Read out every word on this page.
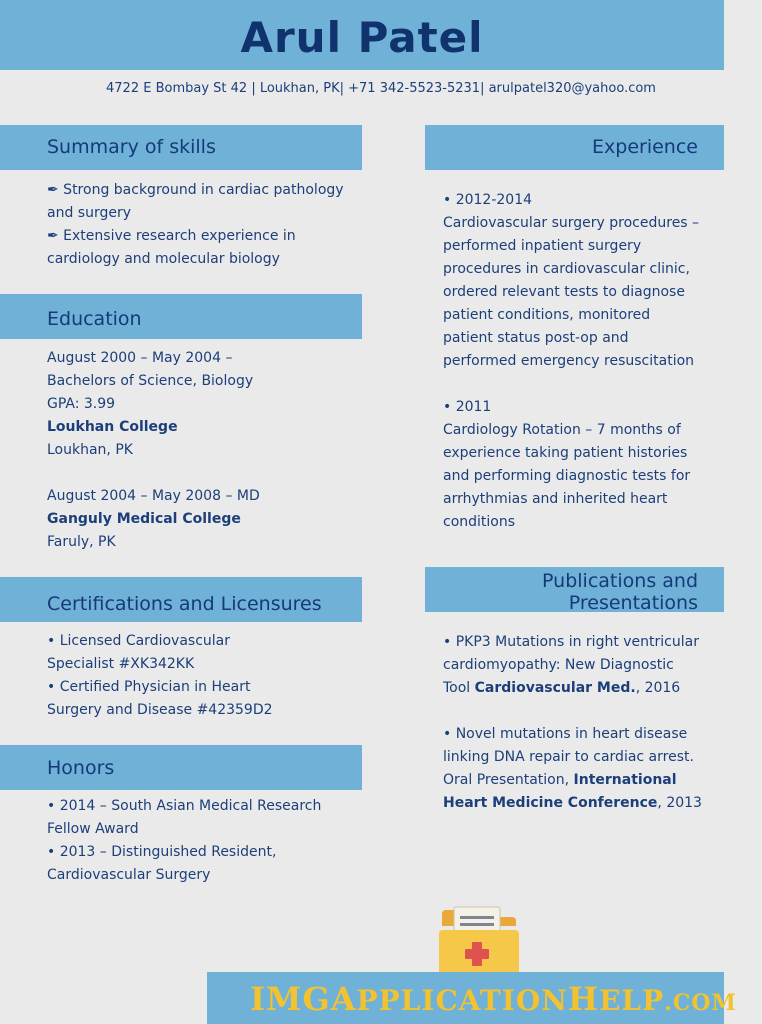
Arul Patel
4722 E Bombay St 42 | Loukhan, PK| +71 342-5523-5231| arulpatel320@yahoo.com
Summary of skills

✒ Strong background in cardiac pathology

and surgery

✒ Extensive research experience in

cardiology and molecular biology

Education

August 2000 – May 2004 –

Bachelors of Science, Biology

GPA: 3.99

Loukhan College

Loukhan, PK

August 2004 – May 2008 – MD

Ganguly Medical College

Faruly, PK

Certifications and Licensures

• Licensed Cardiovascular

Specialist #XK342KK

• Certified Physician in Heart

Surgery and Disease #42359D2

Honors

• 2014 – South Asian Medical Research

Fellow Award

• 2013 – Distinguished Resident,

Cardiovascular Surgery

Experience

• 2012-2014

Cardiovascular surgery procedures –

performed inpatient surgery

procedures in cardiovascular clinic,

ordered relevant tests to diagnose

patient conditions, monitored

patient status post-op and

performed emergency resuscitation

• 2011

Cardiology Rotation – 7 months of

experience taking patient histories

and performing diagnostic tests for

arrhythmias and inherited heart

conditions

Publications and
Presentations

• PKP3 Mutations in right ventricular

cardiomyopathy: New Diagnostic

Tool Cardiovascular Med., 2016

• Novel mutations in heart disease

linking DNA repair to cardiac arrest.

Oral Presentation, International

Heart Medicine Conference, 2013

IMGAPPLICATIONHELP.COM
